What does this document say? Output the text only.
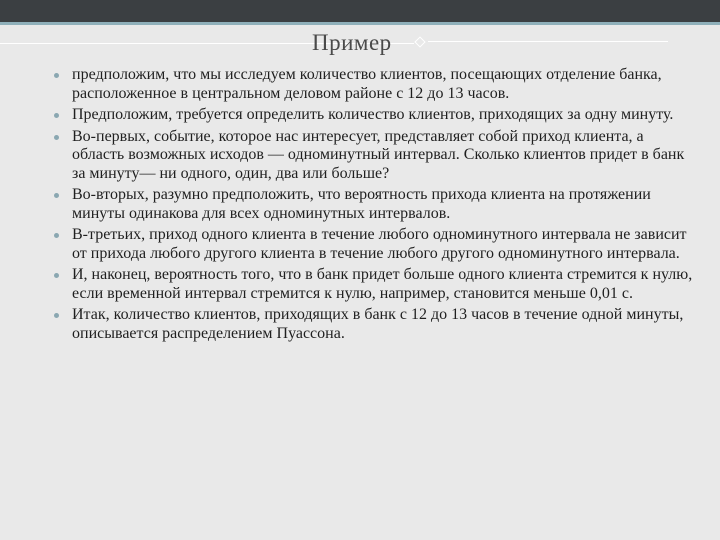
Пример
предположим, что мы исследуем количество клиентов, посещающих отделение банка, расположенное в центральном деловом районе с 12 до 13 часов.
Предположим, требуется определить количество клиентов, приходящих за одну минуту.
Во-первых, событие, которое нас интересует, представляет собой приход клиента, а область возможных исходов — одноминутный интервал. Сколько клиентов придет в банк за минуту— ни одного, один, два или больше?
Во-вторых, разумно предположить, что вероятность прихода клиента на протяжении минуты одинакова для всех одноминутных интервалов.
В-третьих, приход одного клиента в течение любого одноминутного интервала не зависит от прихода любого другого клиента в течение любого другого одноминутного интервала.
И, наконец, вероятность того, что в банк придет больше одного клиента стремится к нулю, если временной интервал стремится к нулю, например, становится меньше 0,01 с.
Итак, количество клиентов, приходящих в банк с 12 до 13 часов в течение одной минуты, описывается распределением Пуассона.
